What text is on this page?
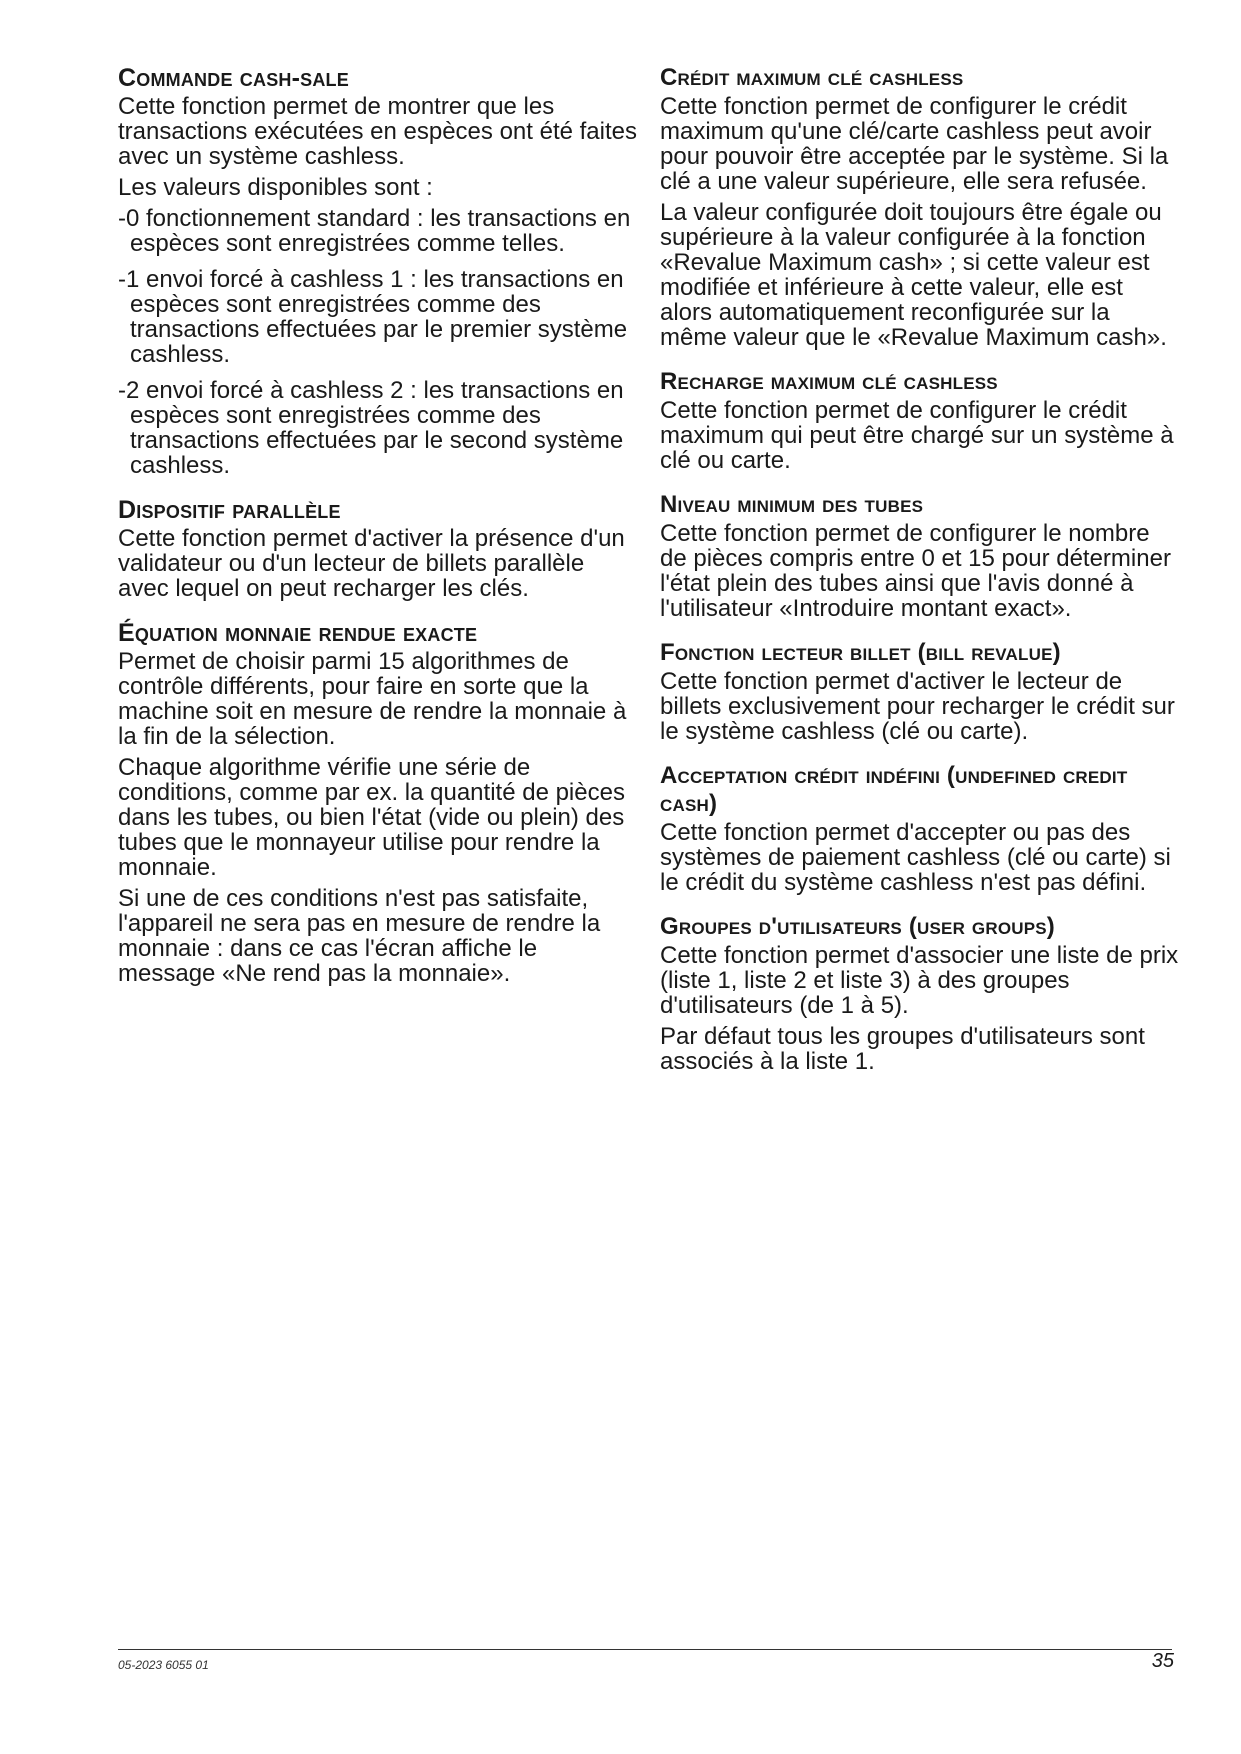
Commande cash-sale

Cette fonction permet de montrer que les transactions exécutées en espèces ont été faites avec un système cashless.

Les valeurs disponibles sont :

-0 fonctionnement standard : les transactions en espèces sont enregistrées comme telles.
-1 envoi forcé à cashless 1 : les transactions en espèces sont enregistrées comme des transactions effectuées par le premier système cashless.
-2 envoi forcé à cashless 2 : les transactions en espèces sont enregistrées comme des transactions effectuées par le second système cashless.
Dispositif parallèle

Cette fonction permet d'activer la présence d'un validateur ou d'un lecteur de billets parallèle avec lequel on peut recharger les clés.

Équation monnaie rendue exacte

Permet de choisir parmi 15 algorithmes de contrôle différents, pour faire en sorte que la machine soit en mesure de rendre la monnaie à la fin de la sélection.

Chaque algorithme vérifie une série de conditions, comme par ex. la quantité de pièces dans les tubes, ou bien l'état (vide ou plein) des tubes que le monnayeur utilise pour rendre la monnaie.

Si une de ces conditions n'est pas satisfaite, l'appareil ne sera pas en mesure de rendre la monnaie : dans ce cas l'écran affiche le message «Ne rend pas la monnaie».

Crédit maximum clé cashless

Cette fonction permet de configurer le crédit maximum qu'une clé/carte cashless peut avoir pour pouvoir être acceptée par le système. Si la clé a une valeur supérieure, elle sera refusée.

La valeur configurée doit toujours être égale ou supérieure à la valeur configurée à la fonction «Revalue Maximum cash» ; si cette valeur est modifiée et inférieure à cette valeur, elle est alors automatiquement reconfigurée sur la même valeur que le «Revalue Maximum cash».

Recharge maximum clé cashless

Cette fonction permet de configurer le crédit maximum qui peut être chargé sur un système à clé ou carte.

Niveau minimum des tubes

Cette fonction permet de configurer le nombre de pièces compris entre 0 et 15 pour déterminer l'état plein des tubes ainsi que l'avis donné à l'utilisateur «Introduire montant exact».

Fonction lecteur billet (bill revalue)

Cette fonction permet d'activer le lecteur de billets exclusivement pour recharger le crédit sur le système cashless (clé ou carte).

Acceptation crédit indéfini (undefined credit cash)

Cette fonction permet d'accepter ou pas des systèmes de paiement cashless (clé ou carte) si le crédit du système cashless n'est pas défini.

Groupes d'utilisateurs (user groups)

Cette fonction permet d'associer une liste de prix (liste 1, liste 2 et liste 3) à des groupes d'utilisateurs (de 1 à 5).

Par défaut tous les groupes d'utilisateurs sont associés à la liste 1.

05-2023 6055 01	35
